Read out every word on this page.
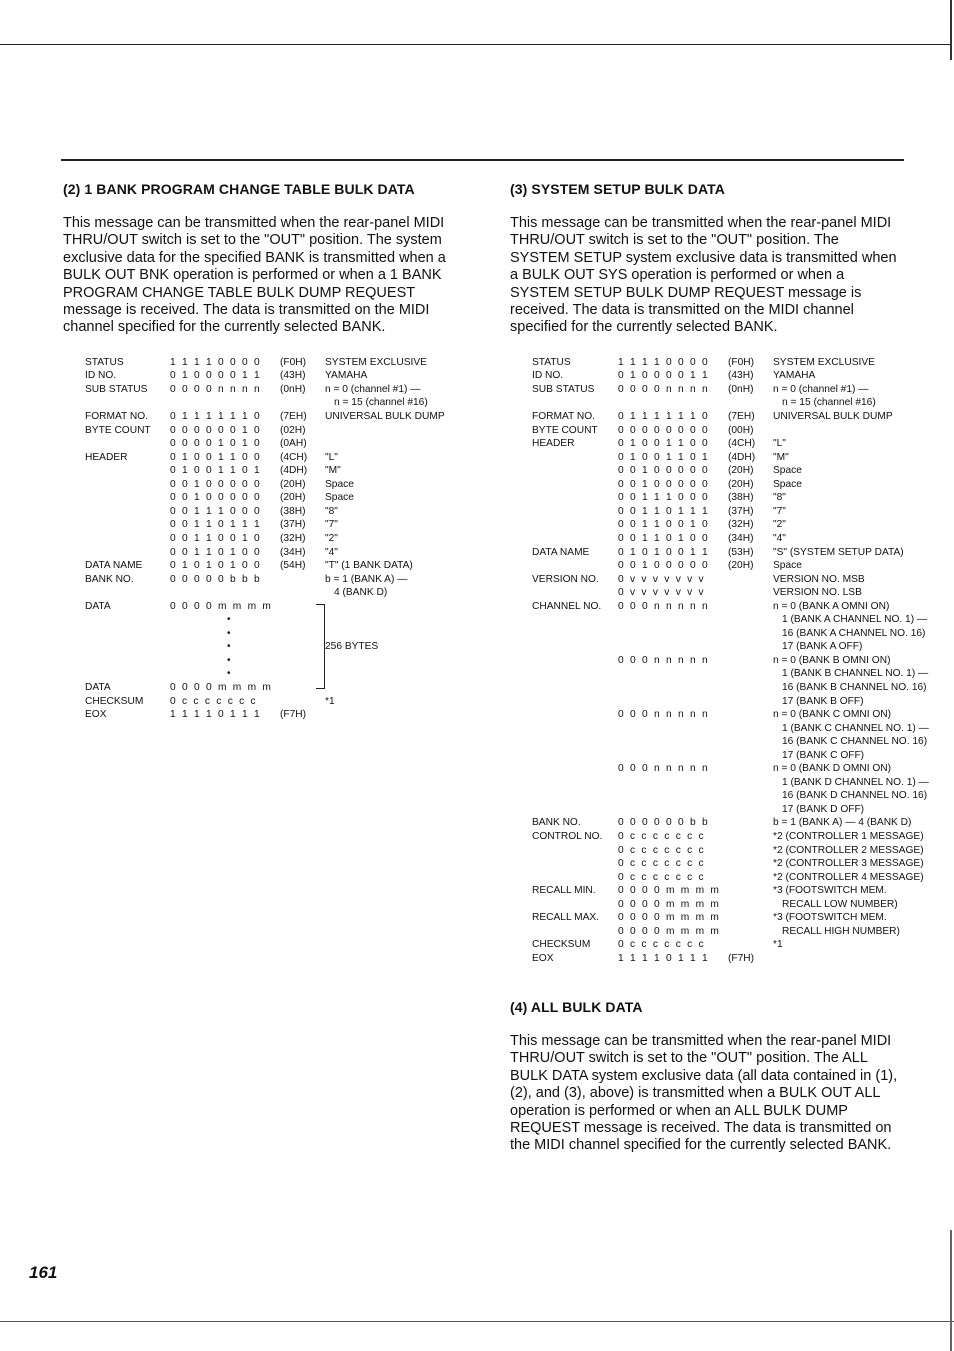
(2) 1 BANK PROGRAM CHANGE TABLE BULK DATA

This message can be transmitted when the rear-panel MIDI THRU/OUT switch is set to the "OUT" position. The system exclusive data for the specified BANK is transmitted when a BULK OUT BNK operation is performed or when a 1 BANK PROGRAM CHANGE TABLE BULK DUMP REQUEST message is received. The data is transmitted on the MIDI channel specified for the currently selected BANK.

STATUS	1 1 1 1 0 0 0 0 (F0H) SYSTEM EXCLUSIVE
ID NO.	0 1 0 0 0 0 1 1 (43H) YAMAHA
SUB STATUS 0 0 0 0 n n n n (0nH) n = 0 (channel #1) —
n = 15 (channel #16)
FORMAT NO. 0 1 1 1 1 1 1 0 (7EH) UNIVERSAL BULK DUMP
BYTE COUNT 0 0 0 0 0 0 1 0 (02H)
0 0 0 0 1 0 1 0 (0AH)
HEADER	0 1 0 0 1 1 0 0 (4CH) "L"
0 1 0 0 1 1 0 1 (4DH) "M"
0 0 1 0 0 0 0 0 (20H) Space
0 0 1 0 0 0 0 0 (20H) Space
0 0 1 1 1 0 0 0 (38H) "8"
0 0 1 1 0 1 1 1 (37H) "7"
0 0 1 1 0 0 1 0 (32H) "2"
0 0 1 1 0 1 0 0 (34H) "4"
DATA NAME	0 1 0 1 0 1 0 0 (54H) "T" (1 BANK DATA)
BANK NO.	0 0 0 0 0 b b b	b = 1 (BANK A) —
4 (BANK D)
DATA	0 0 0 0 m m m m
256 BYTES
DATA	0 0 0 0 m m m m
CHECKSUM	0 c c c c c c c	*1
EOX	1 1 1 1 0 1 1 1 (F7H)
•
•
•
•
•
(3) SYSTEM SETUP BULK DATA

This message can be transmitted when the rear-panel MIDI THRU/OUT switch is set to the "OUT" position. The SYSTEM SETUP system exclusive data is transmitted when a BULK OUT SYS operation is performed or when a SYSTEM SETUP BULK DUMP REQUEST message is received. The data is transmitted on the MIDI channel specified for the currently selected BANK.

STATUS	1 1 1 1 0 0 0 0 (F0H) SYSTEM EXCLUSIVE
ID NO.	0 1 0 0 0 0 1 1 (43H) YAMAHA
SUB STATUS 0 0 0 0 n n n n (0nH) n = 0 (channel #1) —
n = 15 (channel #16)
FORMAT NO. 0 1 1 1 1 1 1 0 (7EH) UNIVERSAL BULK DUMP
BYTE COUNT 0 0 0 0 0 0 0 0 (00H)
HEADER	0 1 0 0 1 1 0 0 (4CH) "L"
0 1 0 0 1 1 0 1 (4DH) "M"
0 0 1 0 0 0 0 0 (20H) Space
0 0 1 0 0 0 0 0 (20H) Space
0 0 1 1 1 0 0 0 (38H) "8"
0 0 1 1 0 1 1 1 (37H) "7"
0 0 1 1 0 0 1 0 (32H) "2"
0 0 1 1 0 1 0 0 (34H) "4"
DATA NAME	0 1 0 1 0 0 1 1 (53H) "S" (SYSTEM SETUP DATA)
0 0 1 0 0 0 0 0 (20H) Space
VERSION NO. 0 v v v v v v v	VERSION NO. MSB
0 v v v v v v v	VERSION NO. LSB
CHANNEL NO. 0 0 0 n n n n n	n = 0 (BANK A OMNI ON)
1 (BANK A CHANNEL NO. 1) —
16 (BANK A CHANNEL NO. 16)
17 (BANK A OFF)
0 0 0 n n n n n	n = 0 (BANK B OMNI ON)
1 (BANK B CHANNEL NO. 1) —
16 (BANK B CHANNEL NO. 16)
17 (BANK B OFF)
0 0 0 n n n n n	n = 0 (BANK C OMNI ON)
1 (BANK C CHANNEL NO. 1) —
16 (BANK C CHANNEL NO. 16)
17 (BANK C OFF)
0 0 0 n n n n n	n = 0 (BANK D OMNI ON)
1 (BANK D CHANNEL NO. 1) —
16 (BANK D CHANNEL NO. 16)
17 (BANK D OFF)
BANK NO.	0 0 0 0 0 0 b b	b = 1 (BANK A) — 4 (BANK D)
CONTROL NO. 0 c c c c c c c	*2 (CONTROLLER 1 MESSAGE)
0 c c c c c c c	*2 (CONTROLLER 2 MESSAGE)
0 c c c c c c c	*2 (CONTROLLER 3 MESSAGE)
0 c c c c c c c	*2 (CONTROLLER 4 MESSAGE)
RECALL MIN. 0 0 0 0 m m m m	*3 (FOOTSWITCH MEM.
0 0 0 0 m m m m	RECALL LOW NUMBER)
RECALL MAX. 0 0 0 0 m m m m	*3 (FOOTSWITCH MEM.
0 0 0 0 m m m m	RECALL HIGH NUMBER)
CHECKSUM	0 c c c c c c c	*1
EOX	1 1 1 1 0 1 1 1 (F7H)
(4) ALL BULK DATA

This message can be transmitted when the rear-panel MIDI THRU/OUT switch is set to the "OUT" position. The ALL BULK DATA system exclusive data (all data contained in (1), (2), and (3), above) is transmitted when a BULK OUT ALL operation is performed or when an ALL BULK DUMP REQUEST message is received. The data is transmitted on the MIDI channel specified for the currently selected BANK.

161
